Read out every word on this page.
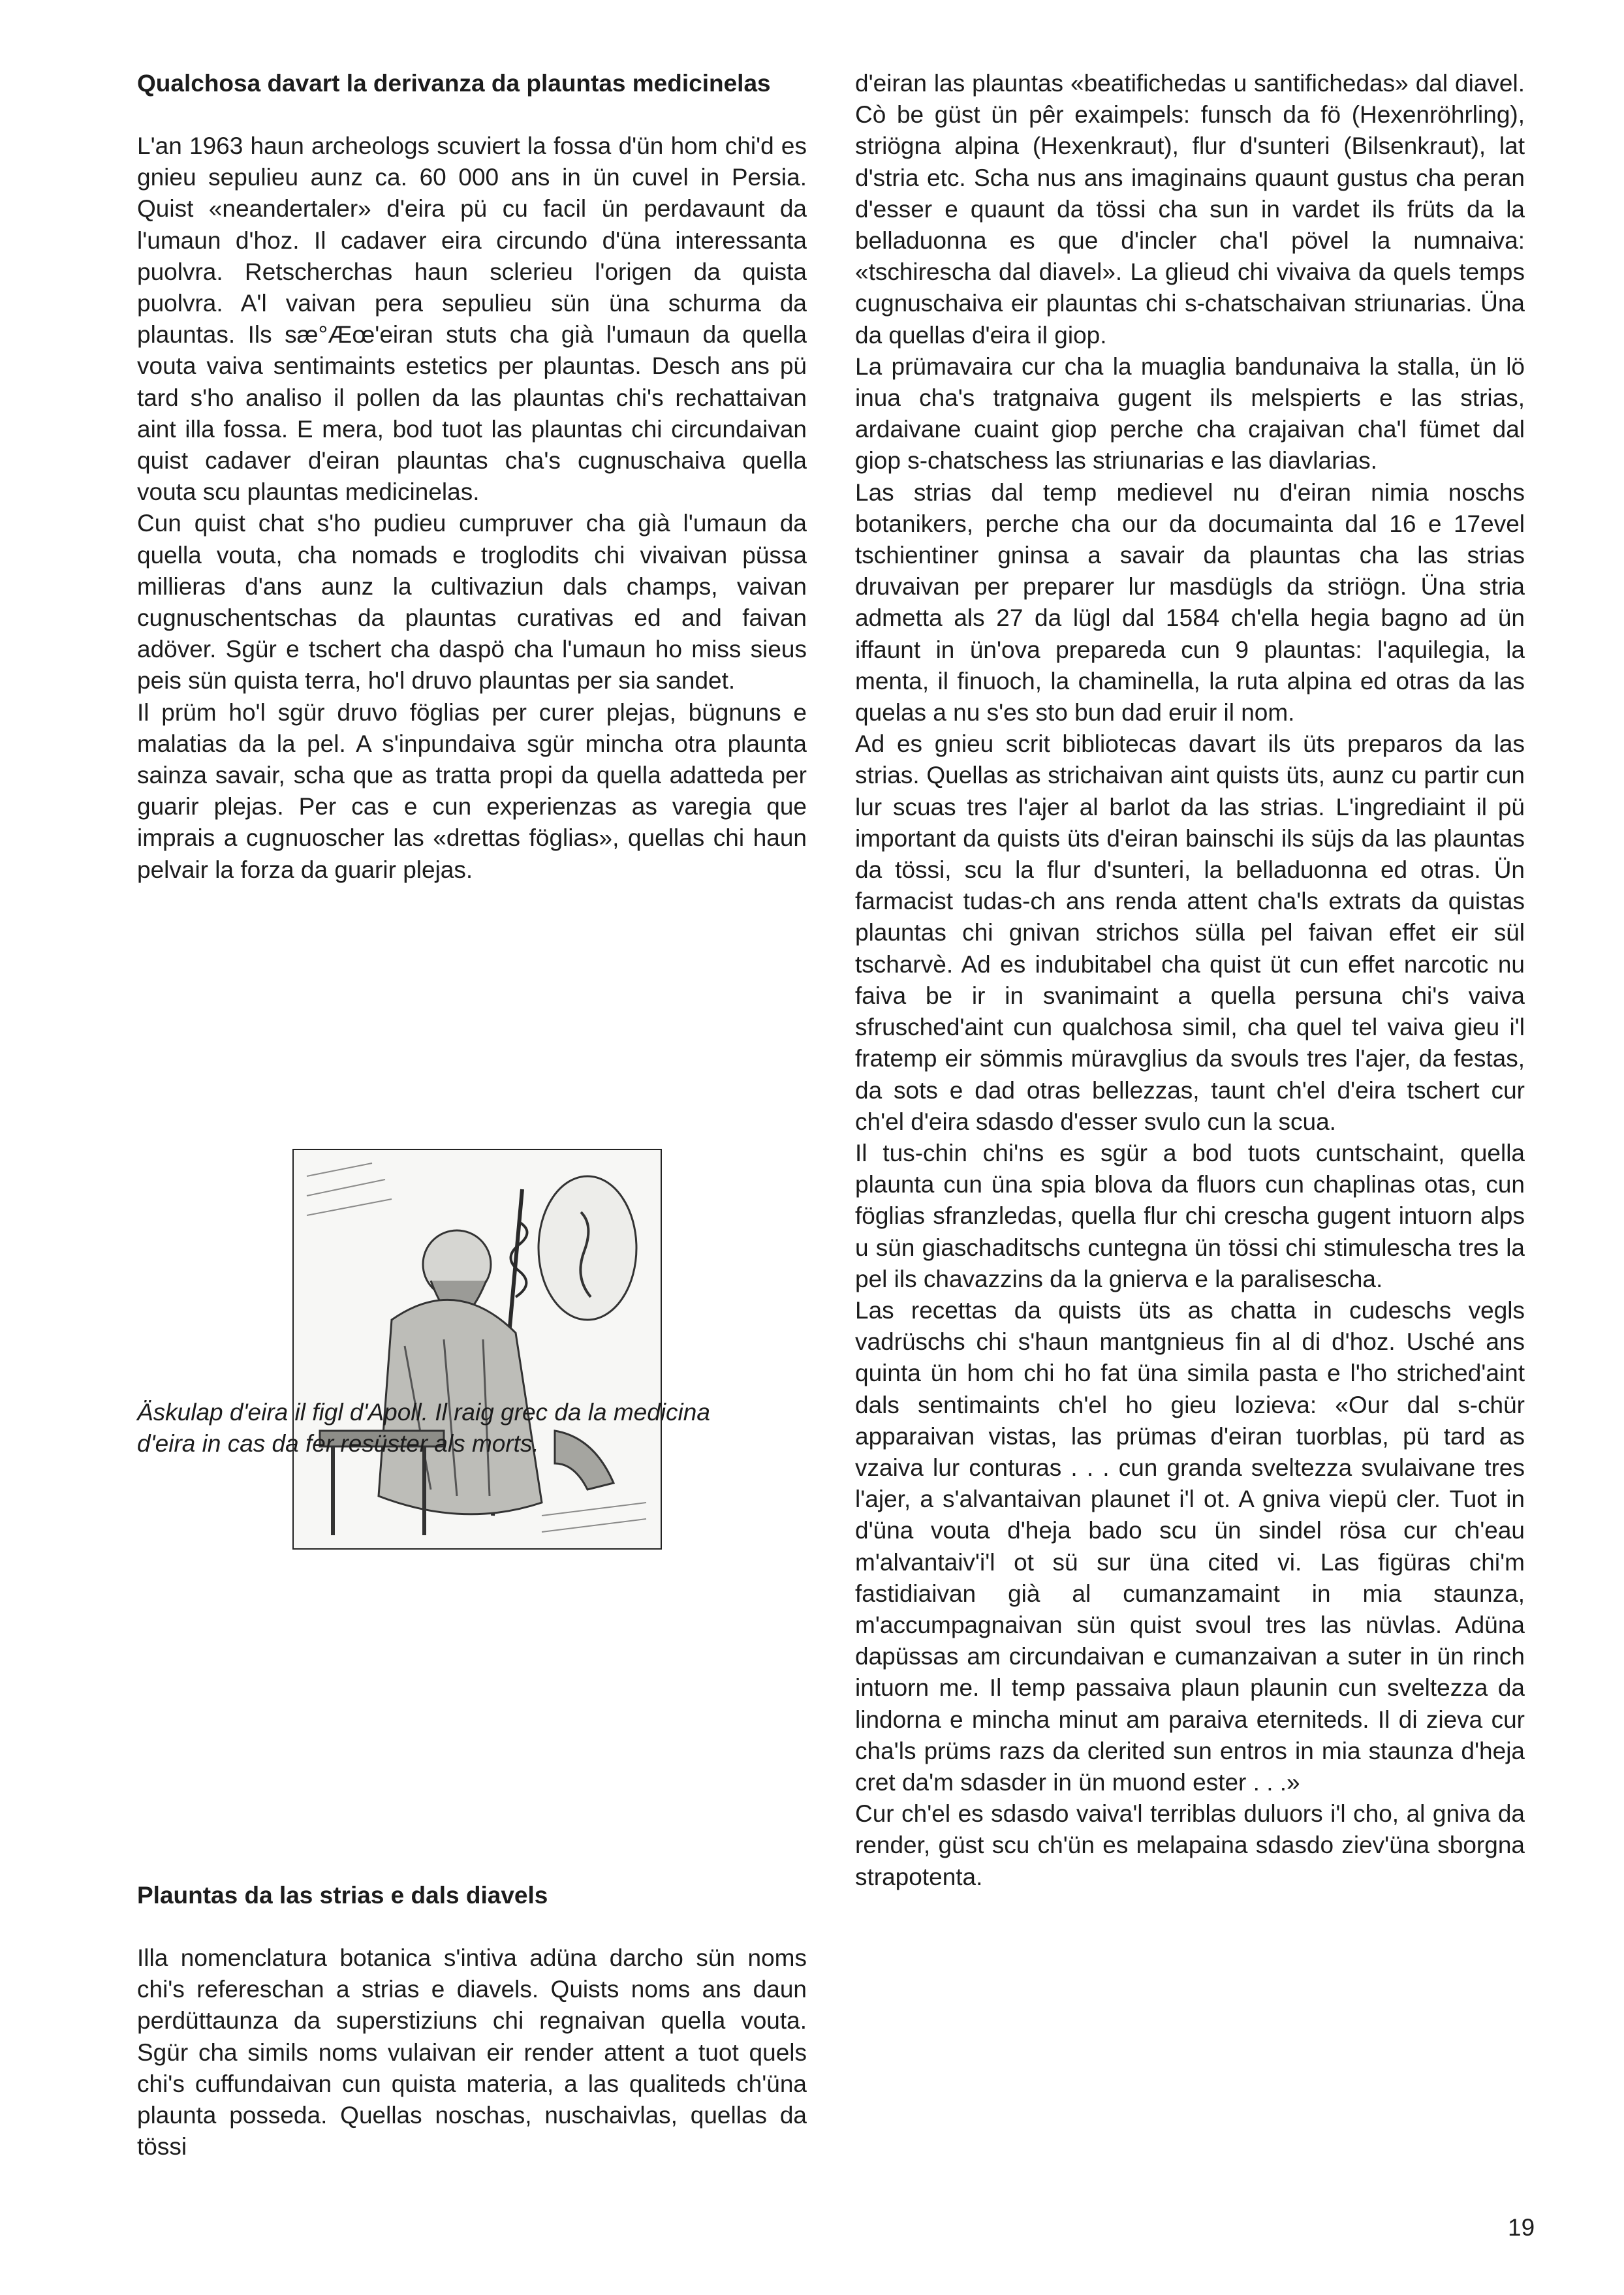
Qualchosa davart la derivanza da plauntas medicinelas

L'an 1963 haun archeologs scuviert la fossa d'ün hom chi'd es gnieu sepulieu aunz ca. 60 000 ans in ün cuvel in Persia. Quist «neandertaler» d'eira pü cu facil ün perdavaunt da l'umaun d'hoz. Il cadaver eira circundo d'üna interessanta puolvra. Retscherchas haun sclerieu l'origen da quista puolvra. A'l vaivan pera sepulieu sün üna schurma da plauntas. Ils sæ°Æœ'eiran stuts cha già l'umaun da quella vouta vaiva sentimaints estetics per plauntas. Desch ans pü tard s'ho analiso il pollen da las plauntas chi's rechattaivan aint illa fossa. E mera, bod tuot las plauntas chi circundaivan quist cadaver d'eiran plauntas cha's cugnuschaiva quella vouta scu plauntas medicinelas.

Cun quist chat s'ho pudieu cumpruver cha già l'umaun da quella vouta, cha nomads e troglodits chi vivaivan püssa millieras d'ans aunz la cultivaziun dals champs, vaivan cugnuschentschas da plauntas curativas ed and faivan adöver. Sgür e tschert cha daspö cha l'umaun ho miss sieus peis sün quista terra, ho'l druvo plauntas per sia sandet.

Il prüm ho'l sgür druvo föglias per curer plejas, bügnuns e malatias da la pel. A s'inpundaiva sgür mincha otra plaunta sainza savair, scha que as tratta propi da quella adatteda per guarir plejas. Per cas e cun experienzas as varegia que imprais a cugnuoscher las «drettas föglias», quellas chi haun pelvair la forza da guarir plejas.

Äskulap d'eira il figl d'Apoll. Il raig grec da la medicina d'eira in cas da fer resüster als morts.

Plauntas da las strias e dals diavels

Illa nomenclatura botanica s'intiva adüna darcho sün noms chi's refereschan a strias e diavels. Quists noms ans daun perdüttaunza da superstiziuns chi regnaivan quella vouta. Sgür cha simils noms vulaivan eir render attent a tuot quels chi's cuffundaivan cun quista materia, a las qualiteds ch'üna plaunta posseda. Quellas noschas, nuschaivlas, quellas da tössi

d'eiran las plauntas «beatifichedas u santifichedas» dal diavel. Cò be güst ün pêr exaimpels: funsch da fö (Hexenröhrling), striögna alpina (Hexenkraut), flur d'sunteri (Bilsenkraut), lat d'stria etc. Scha nus ans imaginains quaunt gustus cha peran d'esser e quaunt da tössi cha sun in vardet ils früts da la belladuonna es que d'incler cha'l pövel la numnaiva: «tschirescha dal diavel». La glieud chi vivaiva da quels temps cugnuschaiva eir plauntas chi s-chatschaivan striunarias. Üna da quellas d'eira il giop.

La prümavaira cur cha la muaglia bandunaiva la stalla, ün lö inua cha's tratgnaiva gugent ils melspierts e las strias, ardaivane cuaint giop perche cha crajaivan cha'l fümet dal giop s-chatschess las striunarias e las diavlarias.

Las strias dal temp medievel nu d'eiran nimia noschs botanikers, perche cha our da documainta dal 16 e 17evel tschientiner gninsa a savair da plauntas cha las strias druvaivan per preparer lur masdügls da striögn. Üna stria admetta als 27 da lügl dal 1584 ch'ella hegia bagno ad ün iffaunt in ün'ova prepareda cun 9 plauntas: l'aquilegia, la menta, il finuoch, la chaminella, la ruta alpina ed otras da las quelas a nu s'es sto bun dad eruir il nom.

Ad es gnieu scrit bibliotecas davart ils üts preparos da las strias. Quellas as strichaivan aint quists üts, aunz cu partir cun lur scuas tres l'ajer al barlot da las strias. L'ingrediaint il pü important da quists üts d'eiran bainschi ils süjs da las plauntas da tössi, scu la flur d'sunteri, la belladuonna ed otras. Ün farmacist tudas-ch ans renda attent cha'ls extrats da quistas plauntas chi gnivan strichos sülla pel faivan effet eir sül tscharvè. Ad es indubitabel cha quist üt cun effet narcotic nu faiva be ir in svanimaint a quella persuna chi's vaiva sfrusched'aint cun qualchosa simil, cha quel tel vaiva gieu i'l fratemp eir sömmis müravglius da svouls tres l'ajer, da festas, da sots e dad otras bellezzas, taunt ch'el d'eira tschert cur ch'el d'eira sdasdo d'esser svulo cun la scua.

Il tus-chin chi'ns es sgür a bod tuots cuntschaint, quella plaunta cun üna spia blova da fluors cun chaplinas otas, cun föglias sfranzledas, quella flur chi crescha gugent intuorn alps u sün giaschaditschs cuntegna ün tössi chi stimulescha tres la pel ils chavazzins da la gnierva e la paralisescha.

Las recettas da quists üts as chatta in cudeschs vegls vadrüschs chi s'haun mantgnieus fin al di d'hoz. Usché ans quinta ün hom chi ho fat üna simila pasta e l'ho striched'aint dals sentimaints ch'el ho gieu lozieva: «Our dal s-chür apparaivan vistas, las prümas d'eiran tuorblas, pü tard as vzaiva lur conturas . . . cun granda sveltezza svulaivane tres l'ajer, a s'alvantaivan plaunet i'l ot. A gniva viepü cler. Tuot in d'üna vouta d'heja bado scu ün sindel rösa cur ch'eau m'alvantaiv'i'l ot sü sur üna cited vi. Las figüras chi'm fastidiaivan già al cumanzamaint in mia staunza, m'accumpagnaivan sün quist svoul tres las nüvlas. Adüna dapüssas am circundaivan e cumanzaivan a suter in ün rinch intuorn me. Il temp passaiva plaun plaunin cun sveltezza da lindorna e mincha minut am paraiva eterniteds. Il di zieva cur cha'ls prüms razs da clerited sun entros in mia staunza d'heja cret da'm sdasder in ün muond ester . . .»

Cur ch'el es sdasdo vaiva'l terriblas duluors i'l cho, al gniva da render, güst scu ch'ün es melapaina sdasdo ziev'üna sborgna strapotenta.

19
